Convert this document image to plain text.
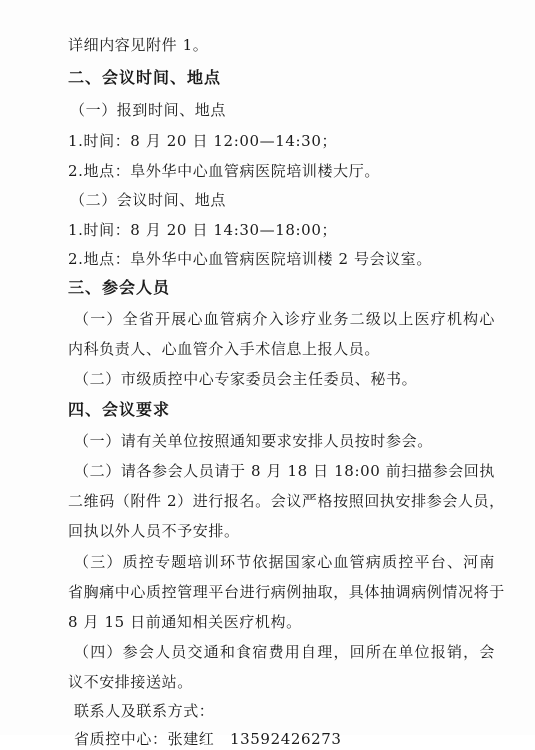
详细内容见附件 1。
二、会议时间、地点
（一）报到时间、地点
1.时间：8 月 20 日 12:00—14:30；
2.地点：阜外华中心血管病医院培训楼大厅。
（二）会议时间、地点
1.时间：8 月 20 日 14:30—18:00；
2.地点：阜外华中心血管病医院培训楼 2 号会议室。
三、参会人员
（一）全省开展心血管病介入诊疗业务二级以上医疗机构心
内科负责人、心血管介入手术信息上报人员。
（二）市级质控中心专家委员会主任委员、秘书。
四、会议要求
（一）请有关单位按照通知要求安排人员按时参会。
（二）请各参会人员请于 8 月 18 日 18:00 前扫描参会回执
二维码（附件 2）进行报名。会议严格按照回执安排参会人员，
回执以外人员不予安排。
（三）质控专题培训环节依据国家心血管病质控平台、河南
省胸痛中心质控管理平台进行病例抽取，具体抽调病例情况将于
8 月 15 日前通知相关医疗机构。
（四）参会人员交通和食宿费用自理，回所在单位报销，会
议不安排接送站。
联系人及联系方式：
省质控中心：张建红　13592426273
